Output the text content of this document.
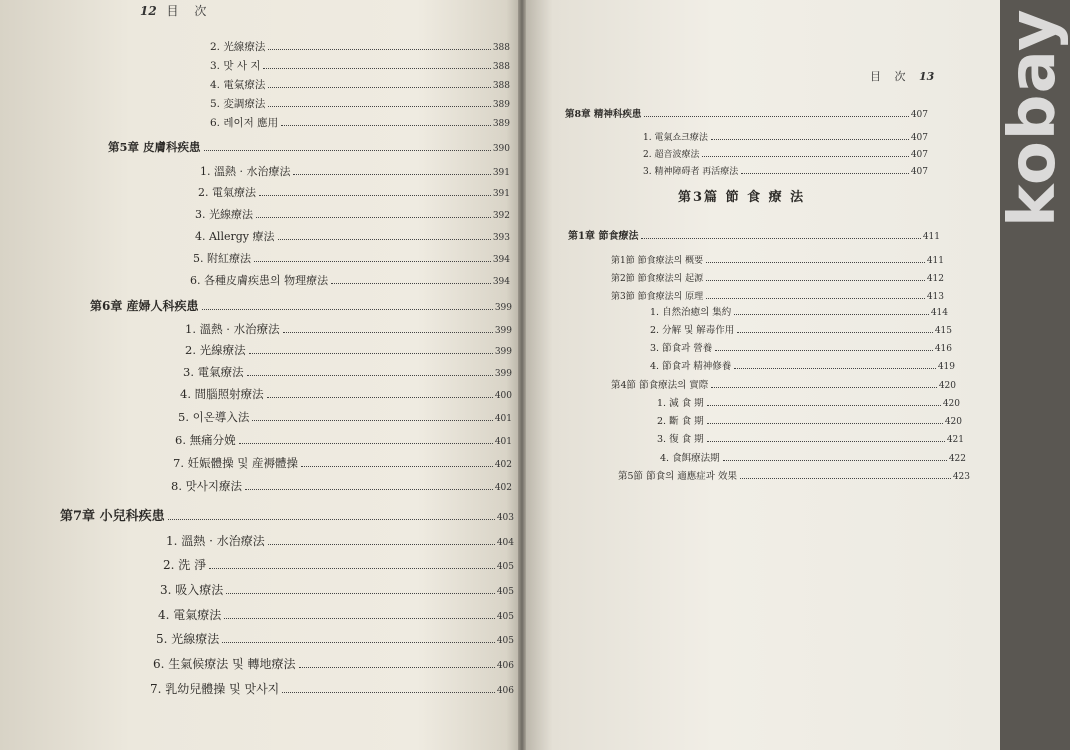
12 目 次
目 次 13
2. 光線療法	388
3. 맛 사 지	388
4. 電氣療法	388
5. 変調療法	389
6. 레이저 應用	389
第5章 皮膚科疾患	390
1. 溫熱 · 水治療法	391
2. 電氣療法	391
3. 光線療法	392
4. Allergy 療法	393
5. 附紅療法	394
6. 各種皮膚疾患의 物理療法	394
第6章 産婦人科疾患	399
1. 溫熱 · 水治療法	399
2. 光線療法	399
3. 電氣療法	399
4. 間腦照射療法	400
5. 이온導入法	401
6. 無痛分娩	401
7. 妊娠體操 및 産褥體操	402
8. 맛사지療法	402
第7章 小兒科疾患	403
1. 溫熱 · 水治療法	404
2. 洗 淨	405
3. 吸入療法	405
4. 電氣療法	405
5. 光線療法	405
6. 生氣候療法 및 轉地療法	406
7. 乳幼兒體操 및 맛사지	406
第8章 精神科疾患	407
1. 電氣쇼크療法	407
2. 超音波療法	407
3. 精神障碍者 再活療法	407
第1章 節食療法	411
第1節 節食療法의 概要	411
第2節 節食療法의 起源	412
第3節 節食療法의 原理	413
1. 自然治癒의 集約	414
2. 分解 및 解毒作用	415
3. 節食과 營養	416
4. 節食과 精神修養	419
第4節 節食療法의 實際	420
1. 減 食 期	420
2. 斷 食 期	420
3. 復 食 期	421
4. 食餌療法期	422
第5節 節食의 適應症과 效果	423
第3篇 節 食 療 法	kobay
